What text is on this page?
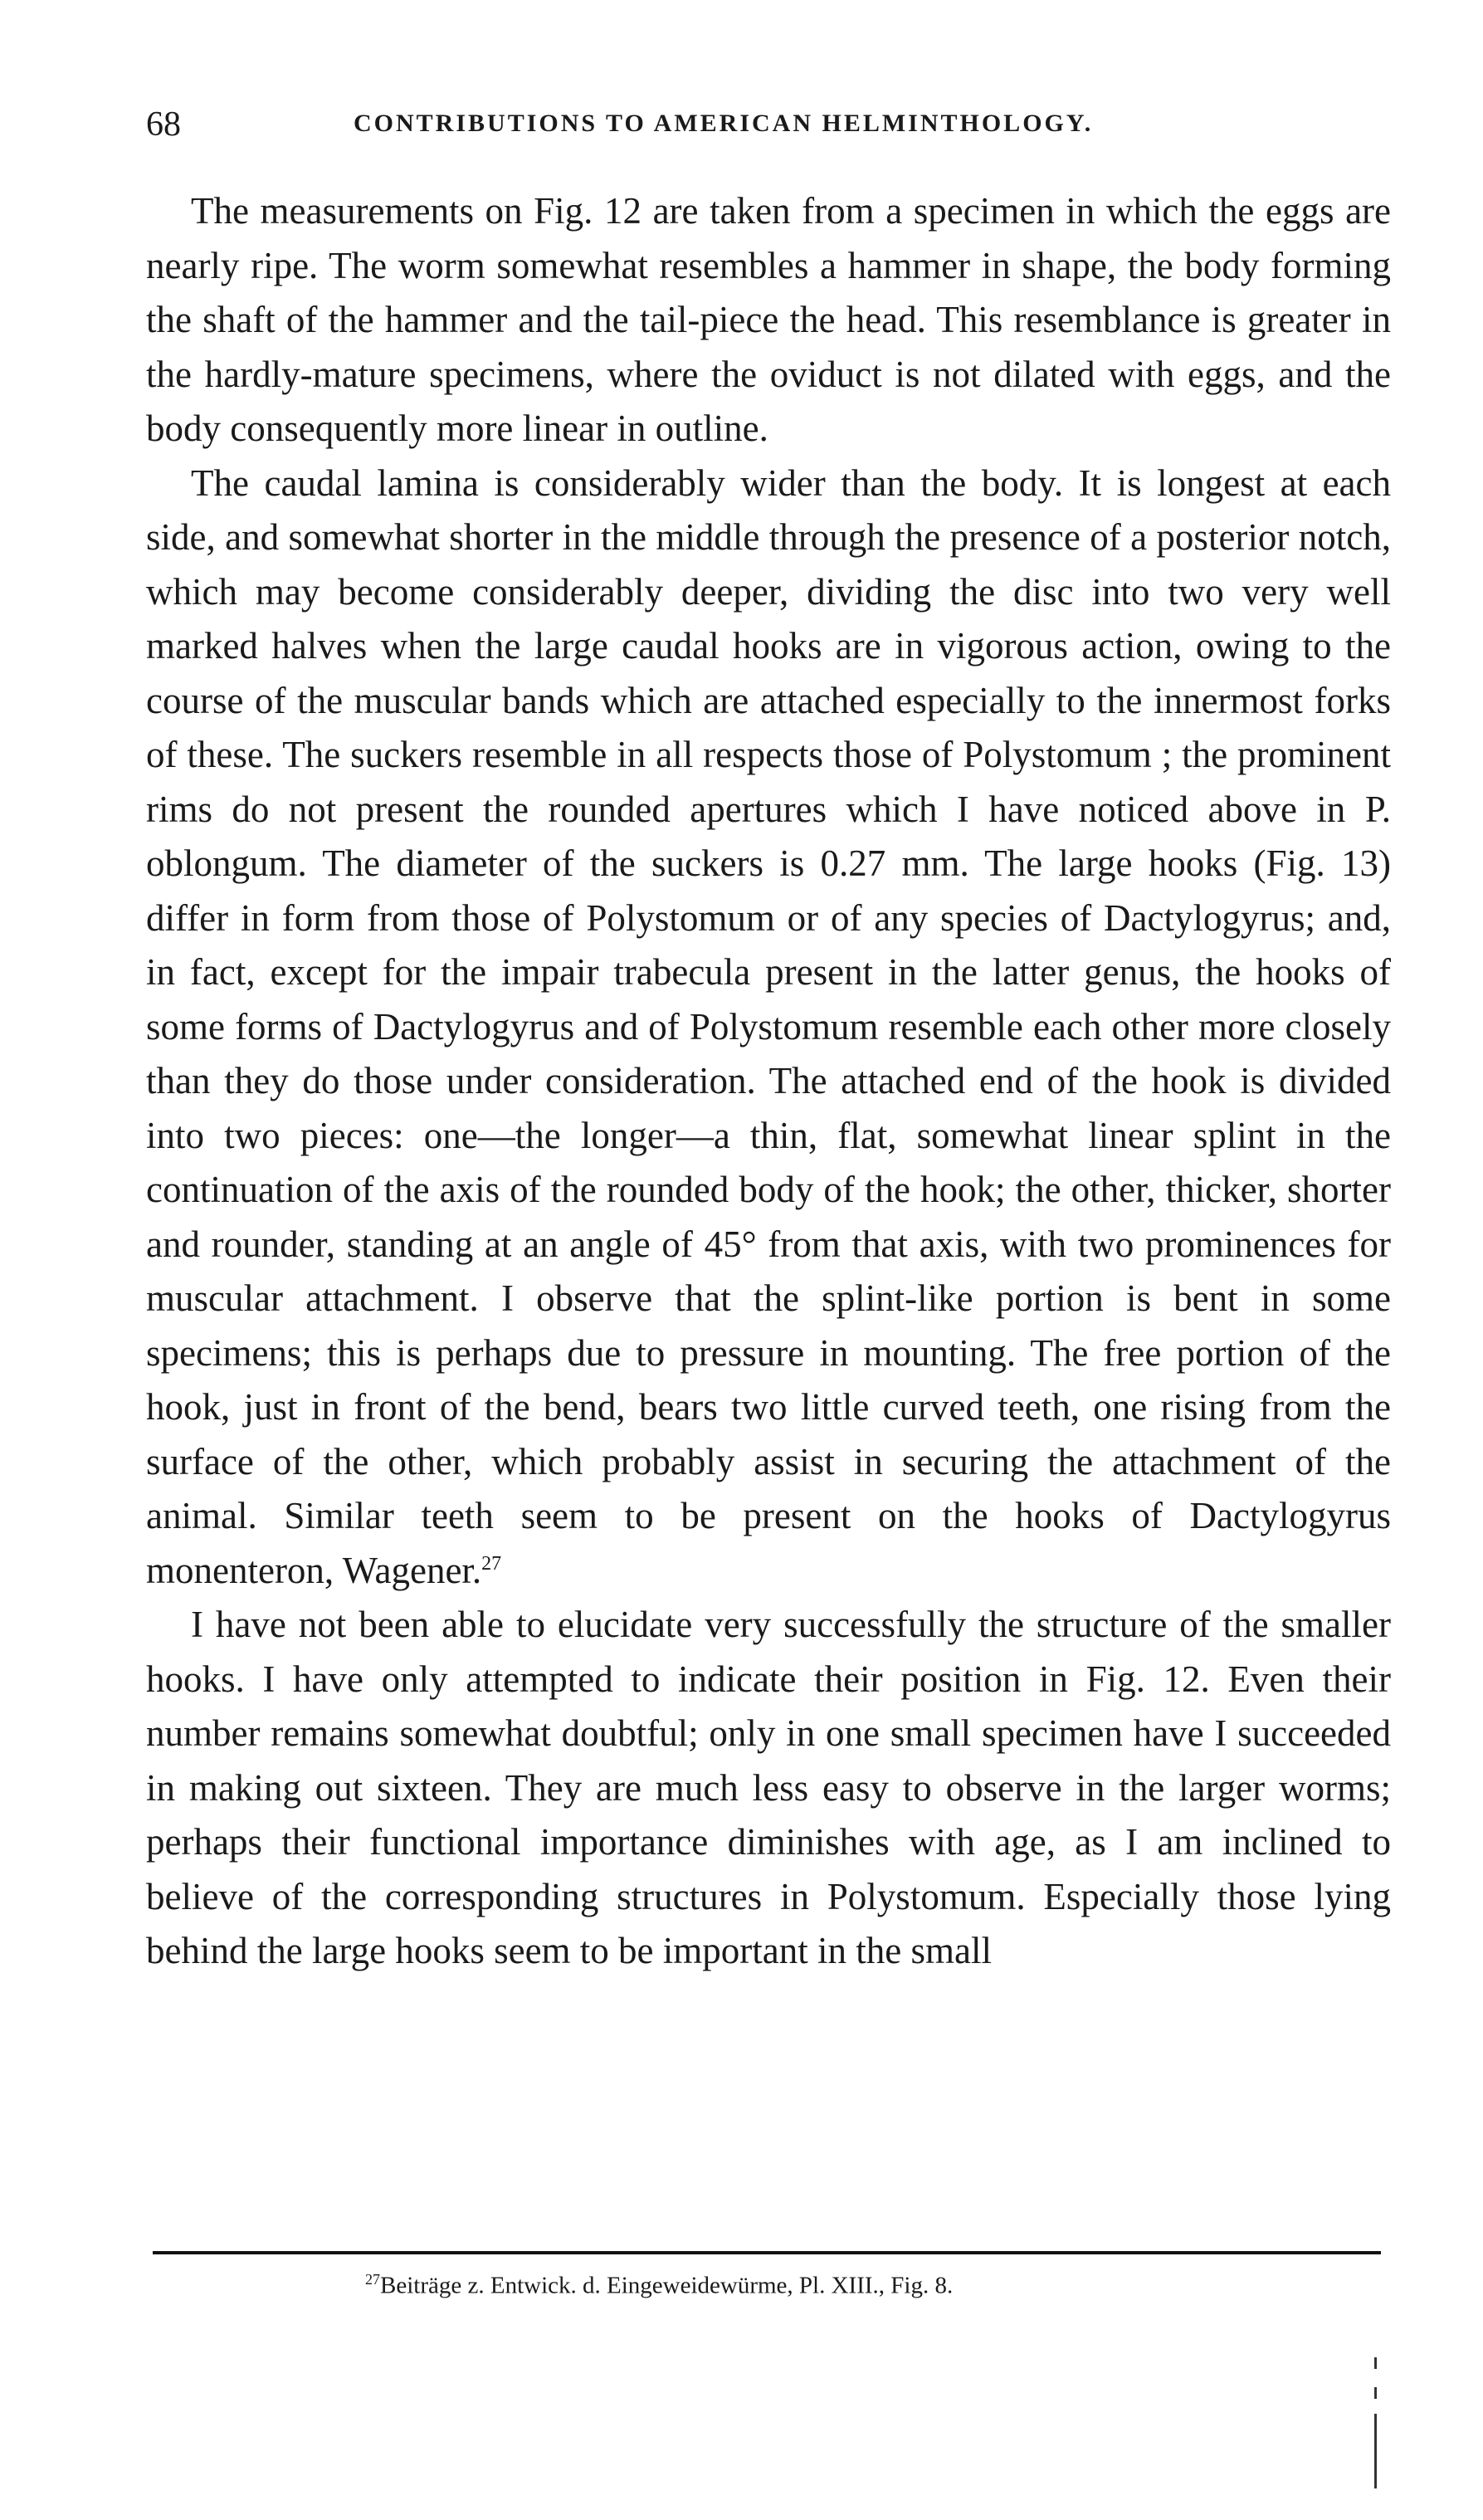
68	CONTRIBUTIONS TO AMERICAN HELMINTHOLOGY.

The measurements on Fig. 12 are taken from a specimen in which the eggs are nearly ripe. The worm somewhat resembles a hammer in shape, the body forming the shaft of the hammer and the tail-piece the head. This resemblance is greater in the hardly-mature specimens, where the oviduct is not dilated with eggs, and the body consequently more linear in outline.

The caudal lamina is considerably wider than the body. It is longest at each side, and somewhat shorter in the middle through the presence of a posterior notch, which may become considerably deeper, dividing the disc into two very well marked halves when the large caudal hooks are in vigorous action, owing to the course of the muscular bands which are attached especially to the innermost forks of these. The suckers resemble in all respects those of Polystomum ; the prominent rims do not present the rounded apertures which I have noticed above in P. oblongum. The diameter of the suckers is 0.27 mm. The large hooks (Fig. 13) differ in form from those of Polystomum or of any species of Dactylogyrus; and, in fact, except for the impair trabecula present in the latter genus, the hooks of some forms of Dactylogyrus and of Polystomum resemble each other more closely than they do those under consideration. The attached end of the hook is divided into two pieces: one—the longer—a thin, flat, somewhat linear splint in the continuation of the axis of the rounded body of the hook; the other, thicker, shorter and rounder, standing at an angle of 45° from that axis, with two prominences for muscular attachment. I observe that the splint-like portion is bent in some specimens; this is perhaps due to pressure in mounting. The free portion of the hook, just in front of the bend, bears two little curved teeth, one rising from the surface of the other, which probably assist in securing the attachment of the animal. Similar teeth seem to be present on the hooks of Dactylogyrus monenteron, Wagener.$^{27}$

I have not been able to elucidate very successfully the structure of the smaller hooks. I have only attempted to indicate their position in Fig. 12. Even their number remains somewhat doubtful; only in one small specimen have I succeeded in making out sixteen. They are much less easy to observe in the larger worms; perhaps their functional importance diminishes with age, as I am inclined to believe of the corresponding structures in Polystomum. Especially those lying behind the large hooks seem to be important in the small

$^{27}$Beiträge z. Entwick. d. Eingeweidewürme, Pl. XIII., Fig. 8.
